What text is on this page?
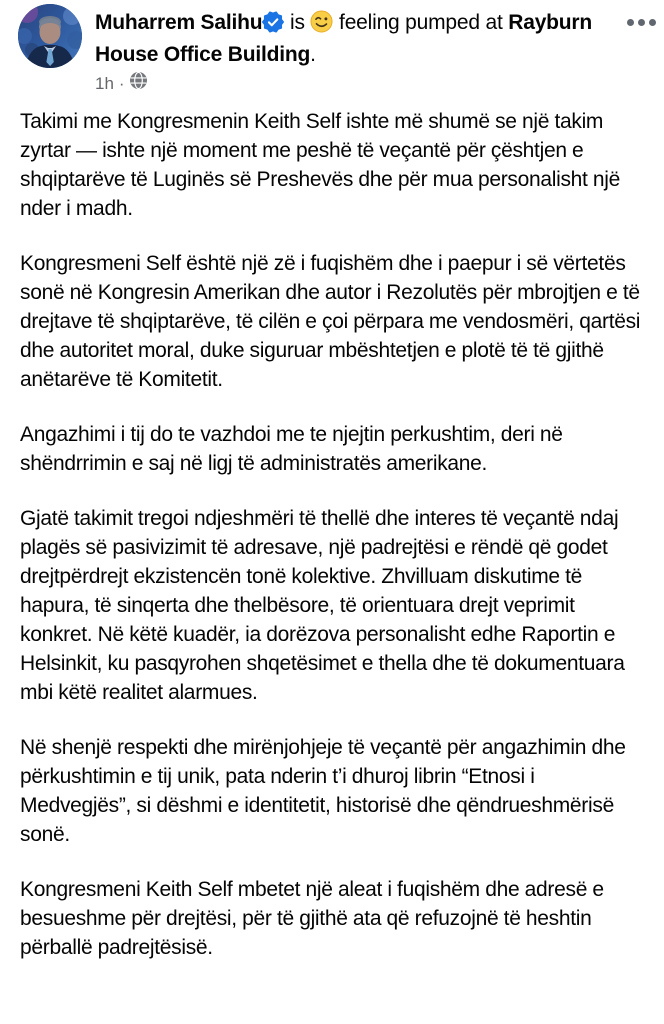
Muharrem Salihu is  feeling pumped at Rayburn House Office Building.
1h ·

Takimi me Kongresmenin Keith Self ishte më shumë se një takim zyrtar — ishte një moment me peshë të veçantë për çështjen e shqiptarëve të Luginës së Preshevës dhe për mua personalisht një nder i madh.

Kongresmeni Self është një zë i fuqishëm dhe i paepur i së vërtetës sonë në Kongresin Amerikan dhe autor i Rezolutës për mbrojtjen e të drejtave të shqiptarëve, të cilën e çoi përpara me vendosmëri, qartësi dhe autoritet moral, duke siguruar mbështetjen e plotë të të gjithë anëtarëve të Komitetit.

Angazhimi i tij do te vazhdoi me te njejtin perkushtim, deri në shëndrrimin e saj në ligj të administratës amerikane.

Gjatë takimit tregoi ndjeshmëri të thellë dhe interes të veçantë ndaj plagës së pasivizimit të adresave, një padrejtësi e rëndë që godet drejtpërdrejt ekzistencën tonë kolektive. Zhvilluam diskutime të hapura, të sinqerta dhe thelbësore, të orientuara drejt veprimit konkret. Në këtë kuadër, ia dorëzova personalisht edhe Raportin e Helsinkit, ku pasqyrohen shqetësimet e thella dhe të dokumentuara mbi këtë realitet alarmues.

Në shenjë respekti dhe mirënjohjeje të veçantë për angazhimin dhe përkushtimin e tij unik, pata nderin t’i dhuroj librin “Etnosi i Medvegjës”, si dëshmi e identitetit, historisë dhe qëndrueshmërisë sonë.

Kongresmeni Keith Self mbetet një aleat i fuqishëm dhe adresë e besueshme për drejtësi, për të gjithë ata që refuzojnë të heshtin përballë padrejtësisë.
